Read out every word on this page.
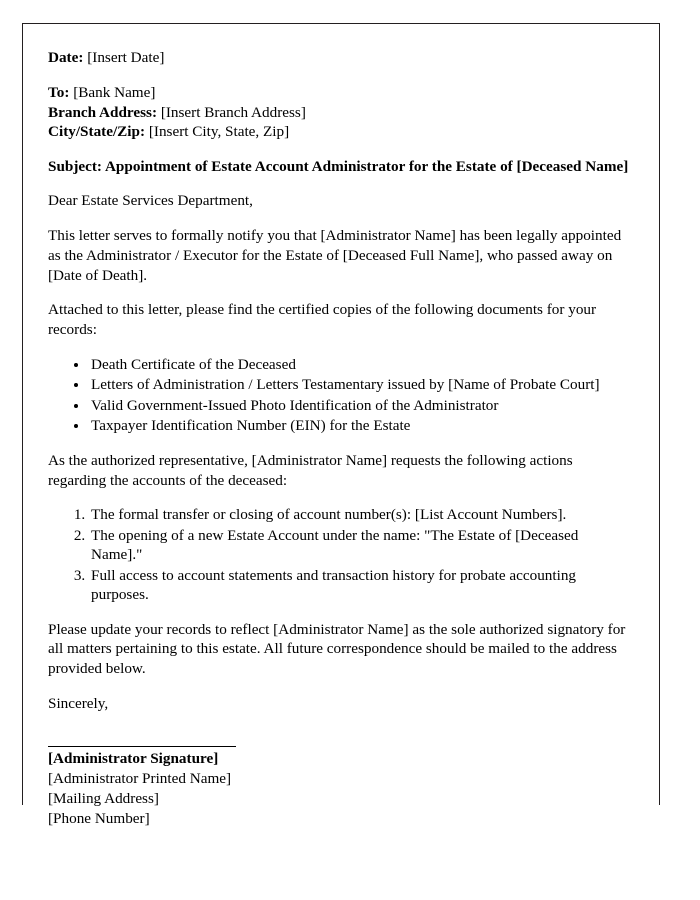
Date: [Insert Date]
To: [Bank Name]
Branch Address: [Insert Branch Address]
City/State/Zip: [Insert City, State, Zip]
Subject: Appointment of Estate Account Administrator for the Estate of [Deceased Name]
Dear Estate Services Department,
This letter serves to formally notify you that [Administrator Name] has been legally appointed as the Administrator / Executor for the Estate of [Deceased Full Name], who passed away on [Date of Death].
Attached to this letter, please find the certified copies of the following documents for your records:
• Death Certificate of the Deceased
• Letters of Administration / Letters Testamentary issued by [Name of Probate Court]
• Valid Government-Issued Photo Identification of the Administrator
• Taxpayer Identification Number (EIN) for the Estate
As the authorized representative, [Administrator Name] requests the following actions regarding the accounts of the deceased:
1. The formal transfer or closing of account number(s): [List Account Numbers].
2. The opening of a new Estate Account under the name: "The Estate of [Deceased Name]."
3. Full access to account statements and transaction history for probate accounting purposes.
Please update your records to reflect [Administrator Name] as the sole authorized signatory for all matters pertaining to this estate. All future correspondence should be mailed to the address provided below.
Sincerely,
[Administrator Signature]
[Administrator Printed Name]
[Mailing Address]
[Phone Number]
